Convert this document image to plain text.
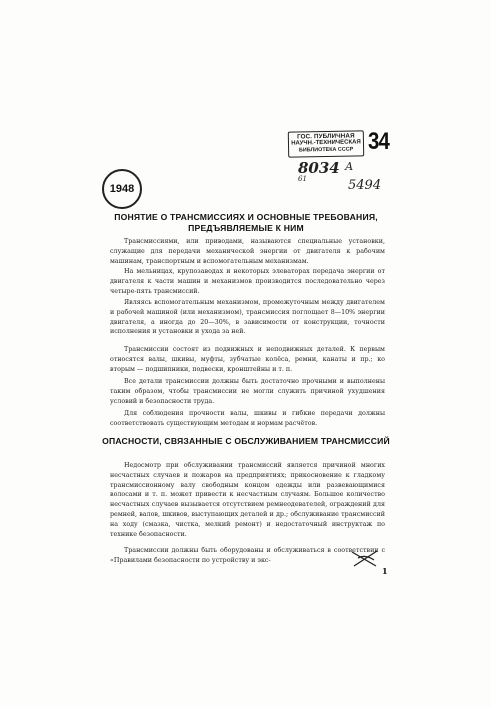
ГОС. ПУБЛИЧНАЯ
НАУЧН.-ТЕХНИЧЕСКАЯ
БИБЛИОТЕКА СССР 34
8034
61
А
5494
1948
ПОНЯТИЕ О ТРАНСМИССИЯХ И ОСНОВНЫЕ ТРЕБОВАНИЯ, ПРЕДЪЯВЛЯЕМЫЕ К НИМ

Трансмиссиями, или приводами, называются специальные установки, служащие для передачи механической энергии от двигателя к рабочим машинам, транспортным и вспомогательным механизмам.

На мельницах, крупозаводах и некоторых элеваторах передача энергии от двигателя к части машин и механизмов производится последовательно через четыре-пять трансмиссий.

Являясь вспомогательным механизмом, промежуточным между двигателем и рабочей машиной (или механизмом), трансмиссия поглощает 8—10% энергии двигателя, а иногда до 20—30%, в зависимости от конструкции, точности исполнения и установки и ухода за ней.

Трансмиссии состоят из подвижных и неподвижных деталей. К первым относятся валы, шкивы, муфты, зубчатые колёса, ремни, канаты и пр.; ко вторым — подшипники, подвески, кронштейны и т. п.

Все детали трансмиссии должны быть достаточно прочными и выполнены таким образом, чтобы трансмиссии не могли служить причиной ухудшения условий и безопасности труда.

Для соблюдения прочности валы, шкивы и гибкие передачи должны соответствовать существующим методам и нормам расчётов.

ОПАСНОСТИ, СВЯЗАННЫЕ С ОБСЛУЖИВАНИЕМ ТРАНСМИССИЙ

Недосмотр при обслуживании трансмиссий является причиной многих несчастных случаев и пожаров на предприятиях; прикосновение к гладкому трансмиссионному валу свободным концом одежды или развевающимися волосами и т. п. может привести к несчастным случаям. Большое количество несчастных случаев вызывается отсутствием ремнеодевателей, ограждений для ремней, валов, шкивов, выступающих деталей и др.; обслуживание трансмиссий на ходу (смазка, чистка, мелкий ремонт) и недостаточный инструктаж по технике безопасности.

Трансмиссии должны быть оборудованы и обслуживаться в соответствии с «Правилами безопасности по устройству и экс-

1
